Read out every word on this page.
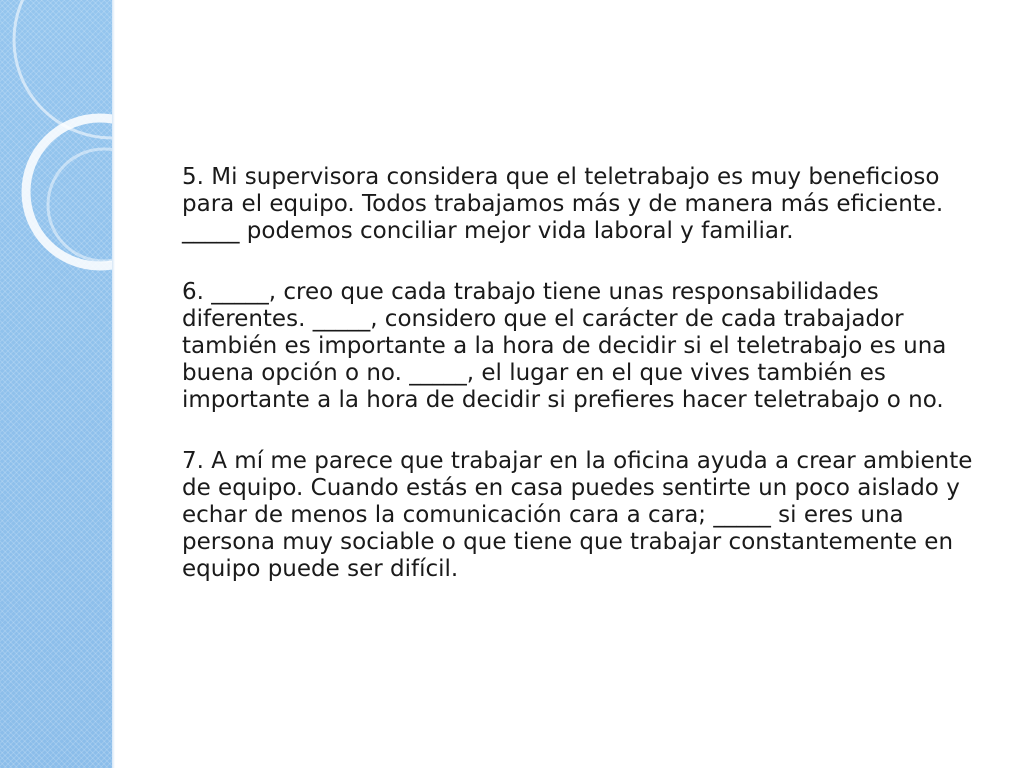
5. Mi supervisora considera que el teletrabajo es muy beneficioso para el equipo. Todos trabajamos más y de manera más eficiente. _____ podemos conciliar mejor vida laboral y familiar.

6. _____, creo que cada trabajo tiene unas responsabilidades diferentes. _____, considero que el carácter de cada trabajador también es importante a la hora de decidir si el teletrabajo es una buena opción o no. _____, el lugar en el que vives también es importante a la hora de decidir si prefieres hacer teletrabajo o no.

7. A mí me parece que trabajar en la oficina ayuda a crear ambiente de equipo. Cuando estás en casa puedes sentirte un poco aislado y echar de menos la comunicación cara a cara; _____ si eres una persona muy sociable o que tiene que trabajar constantemente en equipo puede ser difícil.
